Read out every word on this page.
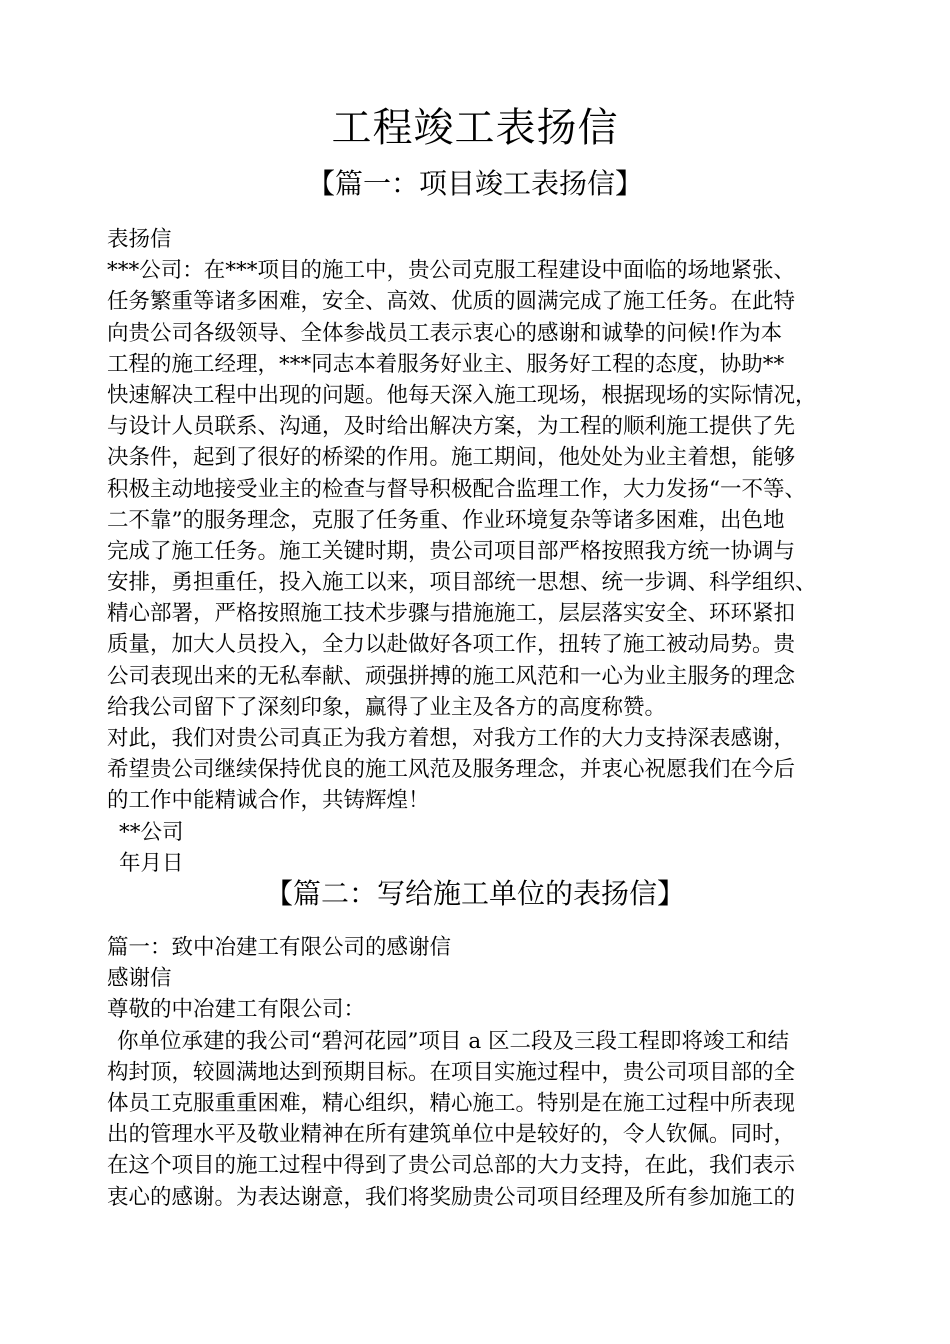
工程竣工表扬信
【篇一：项目竣工表扬信】
表扬信
***公司：在***项目的施工中，贵公司克服工程建设中面临的场地紧张、
任务繁重等诸多困难，安全、高效、优质的圆满完成了施工任务。在此特
向贵公司各级领导、全体参战员工表示衷心的感谢和诚挚的问候!作为本
工程的施工经理，***同志本着服务好业主、服务好工程的态度，协助**
快速解决工程中出现的问题。他每天深入施工现场，根据现场的实际情况，
与设计人员联系、沟通，及时给出解决方案，为工程的顺利施工提供了先
决条件，起到了很好的桥梁的作用。施工期间，他处处为业主着想，能够
积极主动地接受业主的检查与督导积极配合监理工作，大力发扬“一不等、
二不靠”的服务理念，克服了任务重、作业环境复杂等诸多困难，出色地
完成了施工任务。施工关键时期，贵公司项目部严格按照我方统一协调与
安排，勇担重任，投入施工以来，项目部统一思想、统一步调、科学组织、
精心部署，严格按照施工技术步骤与措施施工，层层落实安全、环环紧扣
质量，加大人员投入，全力以赴做好各项工作，扭转了施工被动局势。贵
公司表现出来的无私奉献、顽强拼搏的施工风范和一心为业主服务的理念
给我公司留下了深刻印象，赢得了业主及各方的高度称赞。
对此，我们对贵公司真正为我方着想，对我方工作的大力支持深表感谢，
希望贵公司继续保持优良的施工风范及服务理念，并衷心祝愿我们在今后
的工作中能精诚合作，共铸辉煌！
**公司
年月日
【篇二：写给施工单位的表扬信】
篇一：致中冶建工有限公司的感谢信
感谢信
尊敬的中冶建工有限公司：
你单位承建的我公司“碧河花园”项目 a 区二段及三段工程即将竣工和结
构封顶，较圆满地达到预期目标。在项目实施过程中，贵公司项目部的全
体员工克服重重困难，精心组织，精心施工。特别是在施工过程中所表现
出的管理水平及敬业精神在所有建筑单位中是较好的，令人钦佩。同时，
在这个项目的施工过程中得到了贵公司总部的大力支持，在此，我们表示
衷心的感谢。为表达谢意，我们将奖励贵公司项目经理及所有参加施工的
